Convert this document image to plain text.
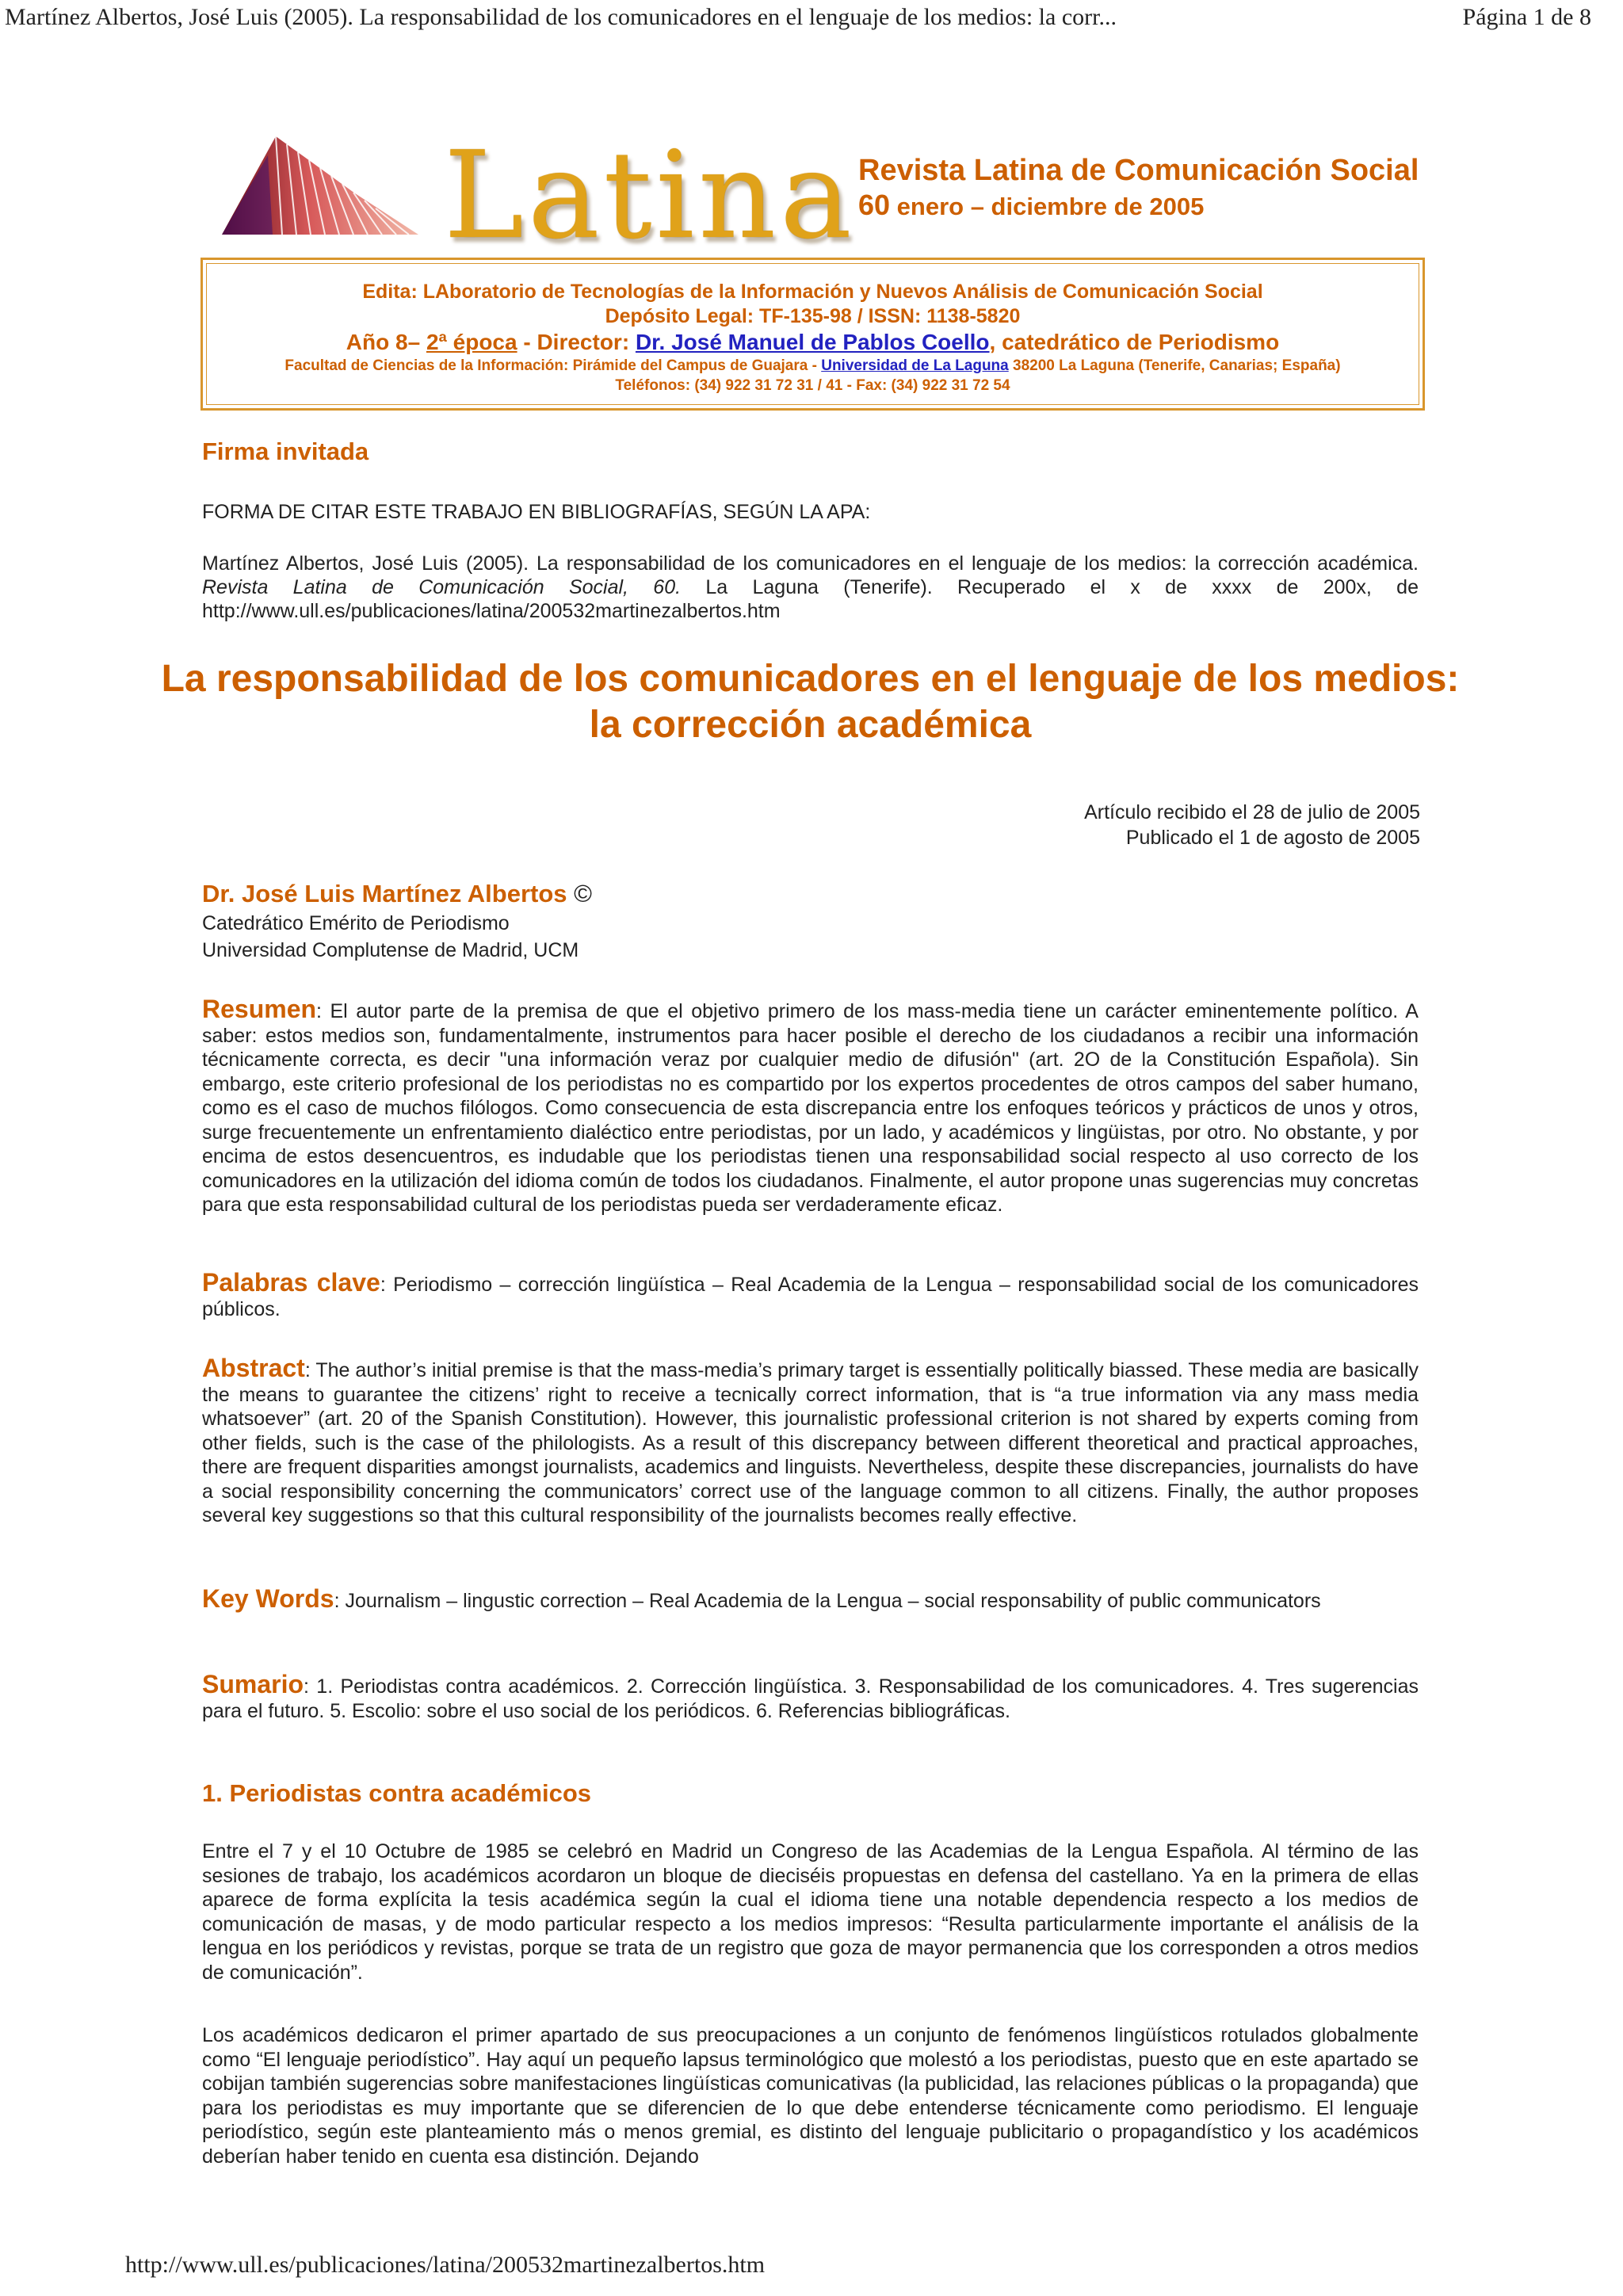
Martínez Albertos, José Luis (2005). La responsabilidad de los comunicadores en el lenguaje de los medios: la corr...	Página 1 de 8
Latina Revista Latina de Comunicación Social
60 enero – diciembre de 2005
Edita: LAboratorio de Tecnologías de la Información y Nuevos Análisis de Comunicación Social
Depósito Legal: TF-135-98 / ISSN: 1138-5820
Año 8– 2ª época - Director: Dr. José Manuel de Pablos Coello, catedrático de Periodismo
Facultad de Ciencias de la Información: Pirámide del Campus de Guajara - Universidad de La Laguna 38200 La Laguna (Tenerife, Canarias; España)
Teléfonos: (34) 922 31 72 31 / 41 - Fax: (34) 922 31 72 54
Firma invitada
FORMA DE CITAR ESTE TRABAJO EN BIBLIOGRAFÍAS, SEGÚN LA APA:
Martínez Albertos, José Luis (2005). La responsabilidad de los comunicadores en el lenguaje de los medios: la corrección académica. Revista Latina de Comunicación Social, 60. La Laguna (Tenerife). Recuperado el x de xxxx de 200x, de http://www.ull.es/publicaciones/latina/200532martinezalbertos.htm
La responsabilidad de los comunicadores en el lenguaje de los medios: la corrección académica
Artículo recibido el 28 de julio de 2005
Publicado el 1 de agosto de 2005
Dr. José Luis Martínez Albertos ©
Catedrático Emérito de Periodismo
Universidad Complutense de Madrid, UCM
Resumen: El autor parte de la premisa de que el objetivo primero de los mass-media tiene un carácter eminentemente político. A saber: estos medios son, fundamentalmente, instrumentos para hacer posible el derecho de los ciudadanos a recibir una información técnicamente correcta, es decir "una información veraz por cualquier medio de difusión" (art. 2O de la Constitución Española). Sin embargo, este criterio profesional de los periodistas no es compartido por los expertos procedentes de otros campos del saber humano, como es el caso de muchos filólogos. Como consecuencia de esta discrepancia entre los enfoques teóricos y prácticos de unos y otros, surge frecuentemente un enfrentamiento dialéctico entre periodistas, por un lado, y académicos y lingüistas, por otro. No obstante, y por encima de estos desencuentros, es indudable que los periodistas tienen una responsabilidad social respecto al uso correcto de los comunicadores en la utilización del idioma común de todos los ciudadanos. Finalmente, el autor propone unas sugerencias muy concretas para que esta responsabilidad cultural de los periodistas pueda ser verdaderamente eficaz.
Palabras clave: Periodismo – corrección lingüística – Real Academia de la Lengua – responsabilidad social de los comunicadores públicos.
Abstract: The author’s initial premise is that the mass-media’s primary target is essentially politically biassed. These media are basically the means to guarantee the citizens’ right to receive a tecnically correct information, that is “a true information via any mass media whatsoever” (art. 20 of the Spanish Constitution). However, this journalistic professional criterion is not shared by experts coming from other fields, such is the case of the philologists. As a result of this discrepancy between different theoretical and practical approaches, there are frequent disparities amongst journalists, academics and linguists. Nevertheless, despite these discrepancies, journalists do have a social responsibility concerning the communicators’ correct use of the language common to all citizens. Finally, the author proposes several key suggestions so that this cultural responsibility of the journalists becomes really effective.
Key Words: Journalism – lingustic correction – Real Academia de la Lengua – social responsability of public communicators
Sumario: 1. Periodistas contra académicos. 2. Corrección lingüística. 3. Responsabilidad de los comunicadores. 4. Tres sugerencias para el futuro. 5. Escolio: sobre el uso social de los periódicos. 6. Referencias bibliográficas.
1. Periodistas contra académicos
Entre el 7 y el 10 Octubre de 1985 se celebró en Madrid un Congreso de las Academias de la Lengua Española. Al término de las sesiones de trabajo, los académicos acordaron un bloque de dieciséis propuestas en defensa del castellano. Ya en la primera de ellas aparece de forma explícita la tesis académica según la cual el idioma tiene una notable dependencia respecto a los medios de comunicación de masas, y de modo particular respecto a los medios impresos: “Resulta particularmente importante el análisis de la lengua en los periódicos y revistas, porque se trata de un registro que goza de mayor permanencia que los corresponden a otros medios de comunicación”.
Los académicos dedicaron el primer apartado de sus preocupaciones a un conjunto de fenómenos lingüísticos rotulados globalmente como “El lenguaje periodístico”. Hay aquí un pequeño lapsus terminológico que molestó a los periodistas, puesto que en este apartado se cobijan también sugerencias sobre manifestaciones lingüísticas comunicativas (la publicidad, las relaciones públicas o la propaganda) que para los periodistas es muy importante que se diferencien de lo que debe entenderse técnicamente como periodismo. El lenguaje periodístico, según este planteamiento más o menos gremial, es distinto del lenguaje publicitario o propagandístico y los académicos deberían haber tenido en cuenta esa distinción. Dejando
http://www.ull.es/publicaciones/latina/200532martinezalbertos.htm
